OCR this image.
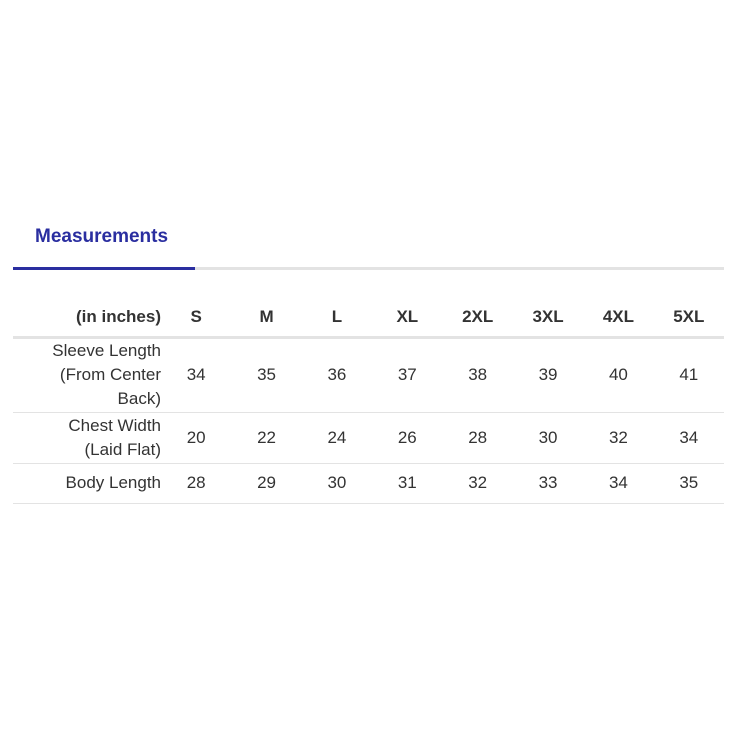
Measurements
(in inches)	S	M	L	XL	2XL	3XL	4XL	5XL
Sleeve Length
(From Center
Back)	34	35	36	37	38	39	40	41
Chest Width
(Laid Flat)	20	22	24	26	28	30	32	34
Body Length	28	29	30	31	32	33	34	35
